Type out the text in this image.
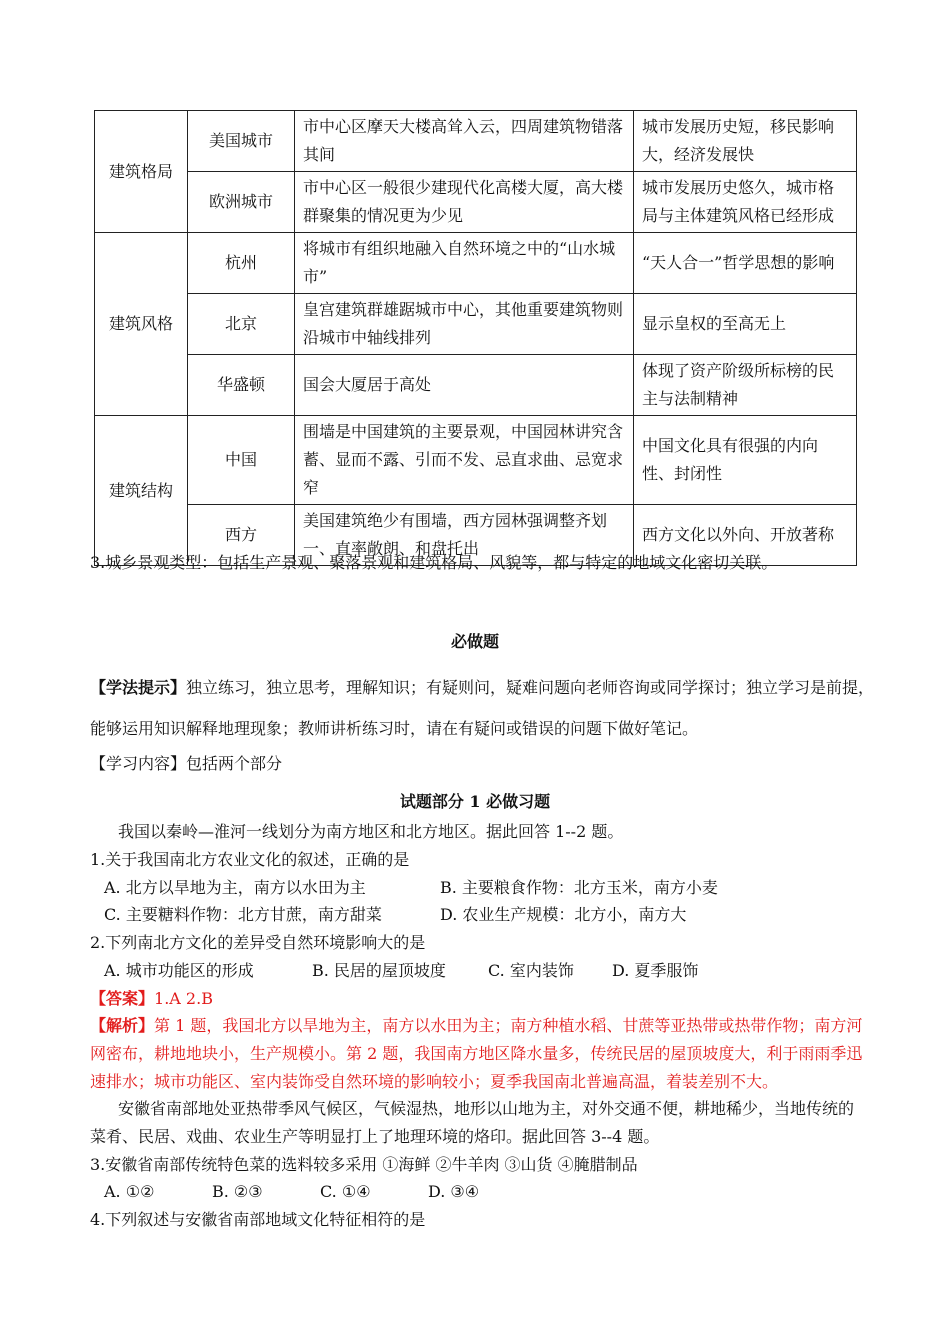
建筑格局	美国城市	市中心区摩天大楼高耸入云，四周建筑物错落其间	城市发展历史短，移民影响大，经济发展快
	欧洲城市	市中心区一般很少建现代化高楼大厦，高大楼群聚集的情况更为少见	城市发展历史悠久，城市格局与主体建筑风格已经形成
建筑风格	杭州	将城市有组织地融入自然环境之中的“山水城市”	“天人合一”哲学思想的影响
	北京	皇宫建筑群雄踞城市中心，其他重要建筑物则沿城市中轴线排列	显示皇权的至高无上
	华盛顿	国会大厦居于高处	体现了资产阶级所标榜的民主与法制精神
建筑结构	中国	围墙是中国建筑的主要景观，中国园林讲究含蓄、显而不露、引而不发、忌直求曲、忌宽求窄	中国文化具有很强的内向性、封闭性
	西方	美国建筑绝少有围墙，西方园林强调整齐划一、直率敞朗、和盘托出	西方文化以外向、开放著称
3.城乡景观类型：包括生产景观、聚落景观和建筑格局、风貌等，都与特定的地域文化密切关联。
必做题
【学法提示】独立练习，独立思考，理解知识；有疑则问，疑难问题向老师咨询或同学探讨；独立学习是前提，
能够运用知识解释地理现象；教师讲析练习时，请在有疑问或错误的问题下做好笔记。
【学习内容】包括两个部分
试题部分 1 必做习题
我国以秦岭—淮河一线划分为南方地区和北方地区。据此回答 1--2 题。
1.关于我国南北方农业文化的叙述，正确的是
A. 北方以旱地为主，南方以水田为主	B. 主要粮食作物：北方玉米，南方小麦
C. 主要糖料作物：北方甘蔗，南方甜菜	D. 农业生产规模：北方小，南方大
2.下列南北方文化的差异受自然环境影响大的是
A. 城市功能区的形成	B. 民居的屋顶坡度	C. 室内装饰 D. 夏季服饰
【答案】1.A 2.B
【解析】第 1 题，我国北方以旱地为主，南方以水田为主；南方种植水稻、甘蔗等亚热带或热带作物；南方河网密布，耕地地块小，生产规模小。第 2 题，我国南方地区降水量多，传统民居的屋顶坡度大，利于雨雨季迅速排水；城市功能区、室内装饰受自然环境的影响较小；夏季我国南北普遍高温，着装差别不大。
安徽省南部地处亚热带季风气候区，气候湿热，地形以山地为主，对外交通不便，耕地稀少，当地传统的
菜肴、民居、戏曲、农业生产等明显打上了地理环境的烙印。据此回答 3--4 题。
3.安徽省南部传统特色菜的选料较多采用 ①海鲜 ②牛羊肉 ③山货 ④腌腊制品
A. ①②	B. ②③	C. ①④	D. ③④
4.下列叙述与安徽省南部地域文化特征相符的是
